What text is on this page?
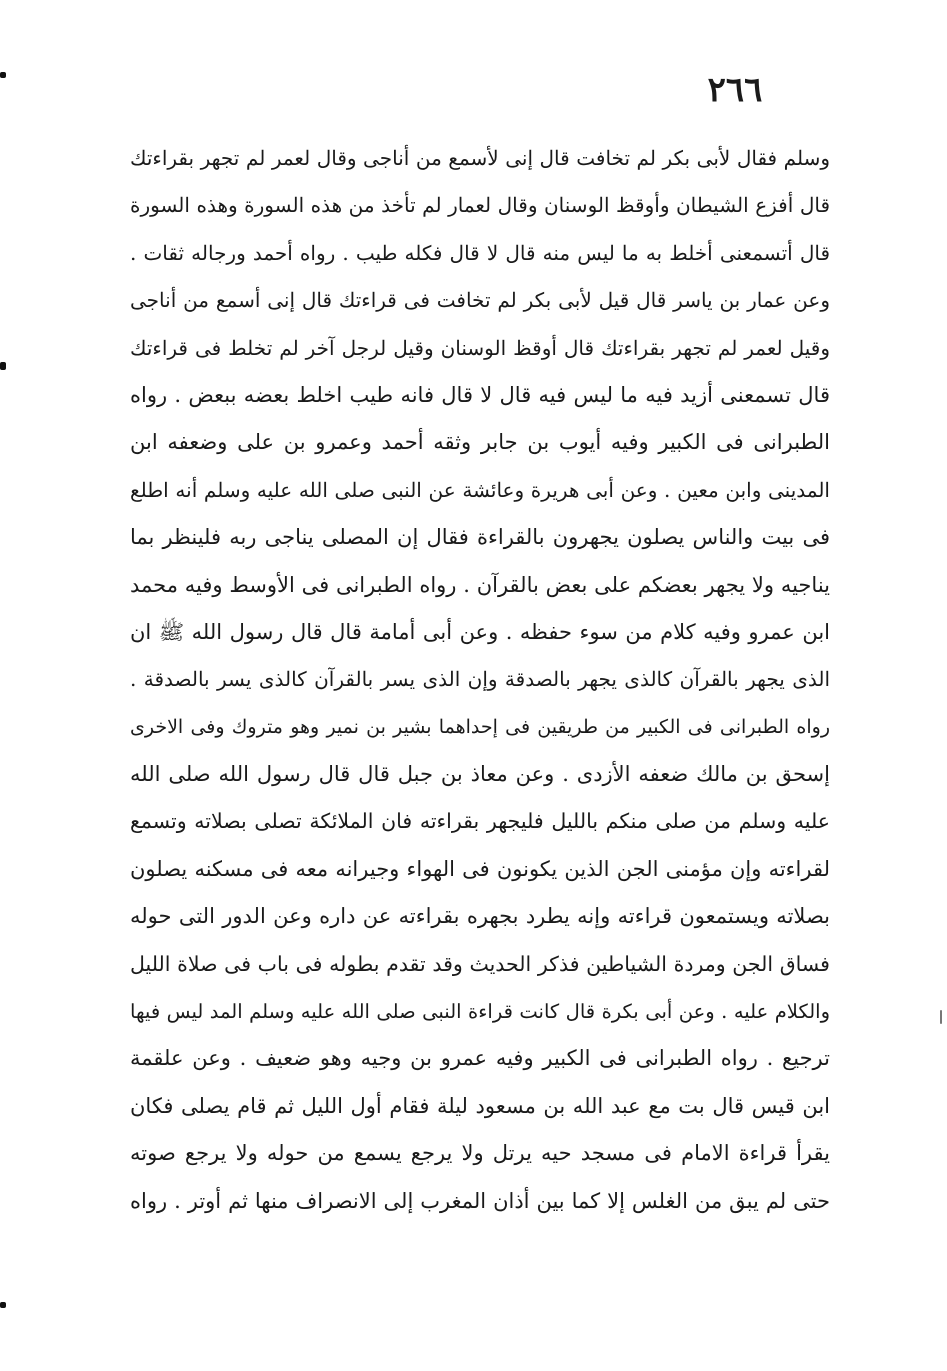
٢٦٦
وسلم فقال لأبى بكر لم تخافت قال إنى لأسمع من أناجى وقال لعمر لم تجهر بقراءتك
قال أفزع الشيطان وأوقظ الوسنان وقال لعمار لم تأخذ من هذه السورة وهذه السورة
قال أتسمعنى أخلط به ما ليس منه قال لا قال فكله طيب . رواه أحمد ورجاله ثقات .
وعن عمار بن ياسر قال قيل لأبى بكر لم تخافت فى قراءتك قال إنى أسمع من أناجى
وقيل لعمر لم تجهر بقراءتك قال أوقظ الوسنان وقيل لرجل آخر لم تخلط فى قراءتك
قال تسمعنى أزيد فيه ما ليس فيه قال لا قال فانه طيب اخلط بعضه ببعض . رواه
الطبرانى فى الكبير وفيه أيوب بن جابر وثقه أحمد وعمرو بن على وضعفه ابن
المدينى وابن معين . وعن أبى هريرة وعائشة عن النبى صلى الله عليه وسلم أنه اطلع
فى بيت والناس يصلون يجهرون بالقراءة فقال إن المصلى يناجى ربه فلينظر بما
يناجيه ولا يجهر بعضكم على بعض بالقرآن . رواه الطبرانى فى الأوسط وفيه محمد
ابن عمرو وفيه كلام من سوء حفظه . وعن أبى أمامة قال قال رسول الله ﷺ ان
الذى يجهر بالقرآن كالذى يجهر بالصدقة وإن الذى يسر بالقرآن كالذى يسر بالصدقة .
رواه الطبرانى فى الكبير من طريقين فى إحداهما بشير بن نمير وهو متروك وفى الاخرى
إسحق بن مالك ضعفه الأزدى . وعن معاذ بن جبل قال قال رسول الله صلى الله
عليه وسلم من صلى منكم بالليل فليجهر بقراءته فان الملائكة تصلى بصلاته وتسمع
لقراءته وإن مؤمنى الجن الذين يكونون فى الهواء وجيرانه معه فى مسكنه يصلون
بصلاته ويستمعون قراءته وإنه يطرد بجهره بقراءته عن داره وعن الدور التى حوله
فساق الجن ومردة الشياطين فذكر الحديث وقد تقدم بطوله فى باب فى صلاة الليل
والكلام عليه . وعن أبى بكرة قال كانت قراءة النبى صلى الله عليه وسلم المد ليس فيها
ترجيع . رواه الطبرانى فى الكبير وفيه عمرو بن وجيه وهو ضعيف . وعن علقمة
ابن قيس قال بت مع عبد الله بن مسعود ليلة فقام أول الليل ثم قام يصلى فكان
يقرأ قراءة الامام فى مسجد حيه يرتل ولا يرجع يسمع من حوله ولا يرجع صوته
حتى لم يبق من الغلس إلا كما بين أذان المغرب إلى الانصراف منها ثم أوتر . رواه
